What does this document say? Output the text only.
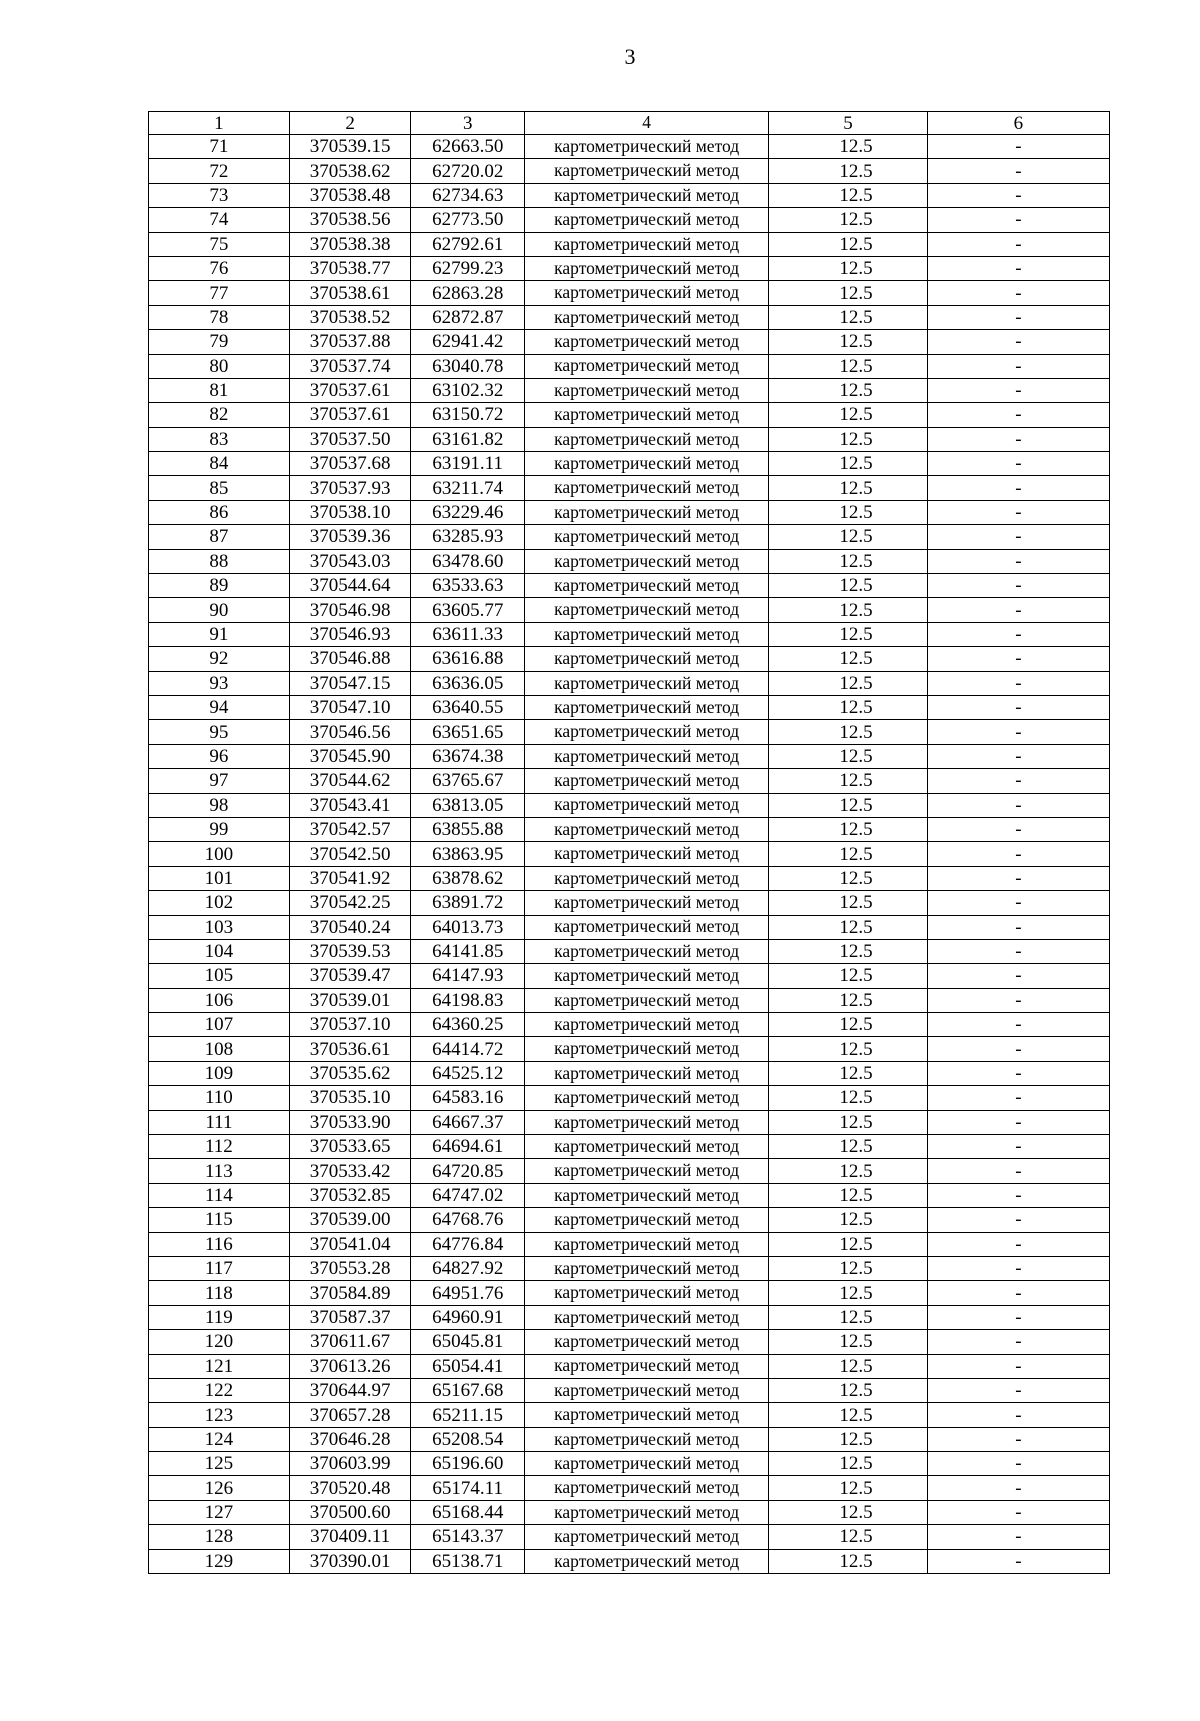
3
1	2	3	4	5	6
71	370539.15	62663.50	картометрический метод	12.5	-
72	370538.62	62720.02	картометрический метод	12.5	-
73	370538.48	62734.63	картометрический метод	12.5	-
74	370538.56	62773.50	картометрический метод	12.5	-
75	370538.38	62792.61	картометрический метод	12.5	-
76	370538.77	62799.23	картометрический метод	12.5	-
77	370538.61	62863.28	картометрический метод	12.5	-
78	370538.52	62872.87	картометрический метод	12.5	-
79	370537.88	62941.42	картометрический метод	12.5	-
80	370537.74	63040.78	картометрический метод	12.5	-
81	370537.61	63102.32	картометрический метод	12.5	-
82	370537.61	63150.72	картометрический метод	12.5	-
83	370537.50	63161.82	картометрический метод	12.5	-
84	370537.68	63191.11	картометрический метод	12.5	-
85	370537.93	63211.74	картометрический метод	12.5	-
86	370538.10	63229.46	картометрический метод	12.5	-
87	370539.36	63285.93	картометрический метод	12.5	-
88	370543.03	63478.60	картометрический метод	12.5	-
89	370544.64	63533.63	картометрический метод	12.5	-
90	370546.98	63605.77	картометрический метод	12.5	-
91	370546.93	63611.33	картометрический метод	12.5	-
92	370546.88	63616.88	картометрический метод	12.5	-
93	370547.15	63636.05	картометрический метод	12.5	-
94	370547.10	63640.55	картометрический метод	12.5	-
95	370546.56	63651.65	картометрический метод	12.5	-
96	370545.90	63674.38	картометрический метод	12.5	-
97	370544.62	63765.67	картометрический метод	12.5	-
98	370543.41	63813.05	картометрический метод	12.5	-
99	370542.57	63855.88	картометрический метод	12.5	-
100	370542.50	63863.95	картометрический метод	12.5	-
101	370541.92	63878.62	картометрический метод	12.5	-
102	370542.25	63891.72	картометрический метод	12.5	-
103	370540.24	64013.73	картометрический метод	12.5	-
104	370539.53	64141.85	картометрический метод	12.5	-
105	370539.47	64147.93	картометрический метод	12.5	-
106	370539.01	64198.83	картометрический метод	12.5	-
107	370537.10	64360.25	картометрический метод	12.5	-
108	370536.61	64414.72	картометрический метод	12.5	-
109	370535.62	64525.12	картометрический метод	12.5	-
110	370535.10	64583.16	картометрический метод	12.5	-
111	370533.90	64667.37	картометрический метод	12.5	-
112	370533.65	64694.61	картометрический метод	12.5	-
113	370533.42	64720.85	картометрический метод	12.5	-
114	370532.85	64747.02	картометрический метод	12.5	-
115	370539.00	64768.76	картометрический метод	12.5	-
116	370541.04	64776.84	картометрический метод	12.5	-
117	370553.28	64827.92	картометрический метод	12.5	-
118	370584.89	64951.76	картометрический метод	12.5	-
119	370587.37	64960.91	картометрический метод	12.5	-
120	370611.67	65045.81	картометрический метод	12.5	-
121	370613.26	65054.41	картометрический метод	12.5	-
122	370644.97	65167.68	картометрический метод	12.5	-
123	370657.28	65211.15	картометрический метод	12.5	-
124	370646.28	65208.54	картометрический метод	12.5	-
125	370603.99	65196.60	картометрический метод	12.5	-
126	370520.48	65174.11	картометрический метод	12.5	-
127	370500.60	65168.44	картометрический метод	12.5	-
128	370409.11	65143.37	картометрический метод	12.5	-
129	370390.01	65138.71	картометрический метод	12.5	-
